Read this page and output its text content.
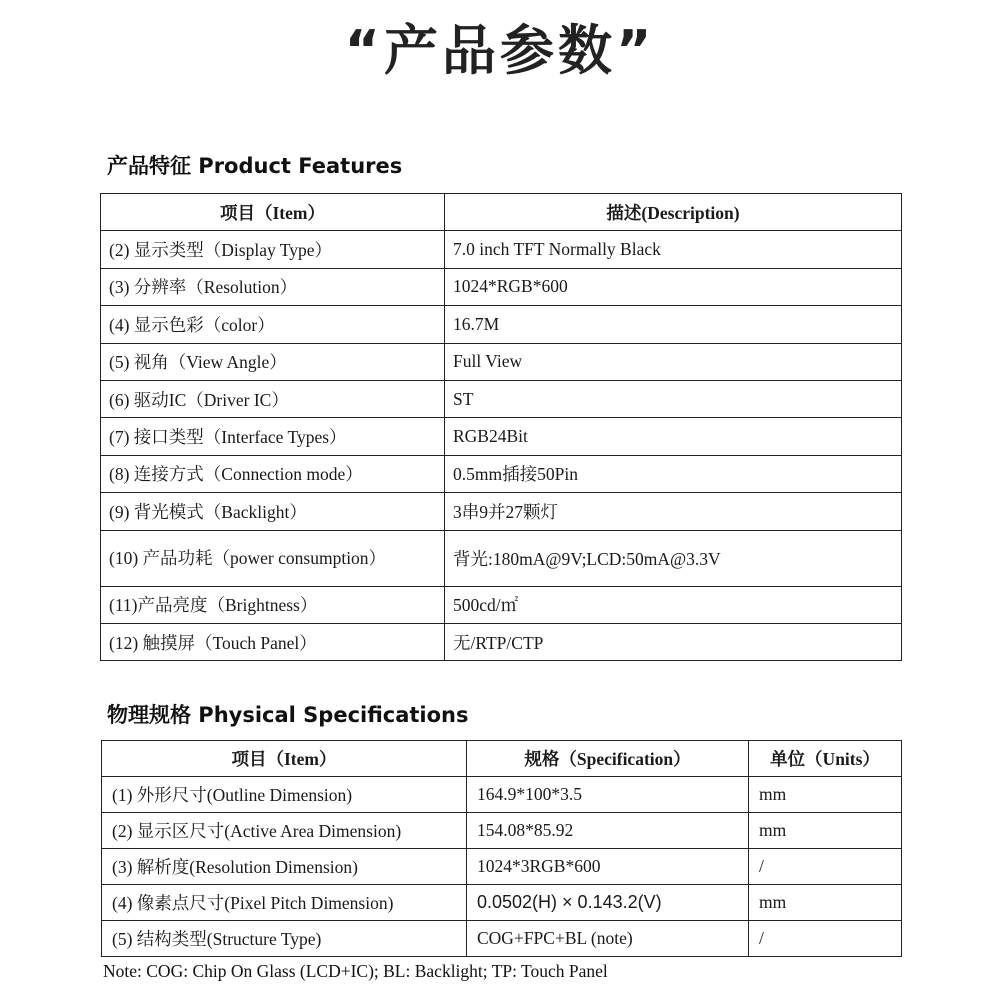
“产品参数”
产品特征 Product Features
项目（Item）	描述(Description)
(2) 显示类型（Display Type）	7.0 inch TFT Normally Black
(3) 分辨率（Resolution）	1024*RGB*600
(4) 显示色彩（color）	16.7M
(5) 视角（View Angle）	Full View
(6) 驱动IC（Driver IC）	ST
(7) 接口类型（Interface Types）	RGB24Bit
(8) 连接方式（Connection mode）	0.5mm插接50Pin
(9) 背光模式（Backlight）	3串9并27颗灯
(10) 产品功耗（power consumption）	背光:180mA@9V;LCD:50mA@3.3V
(11)产品亮度（Brightness）	500cd/㎡
(12) 触摸屏（Touch Panel）	无/RTP/CTP
物理规格 Physical Specifications
项目（Item）	规格（Specification）	单位（Units）
(1) 外形尺寸(Outline Dimension)	164.9*100*3.5	mm
(2) 显示区尺寸(Active Area Dimension)	154.08*85.92	mm
(3) 解析度(Resolution Dimension)	1024*3RGB*600	/
(4) 像素点尺寸(Pixel Pitch Dimension)	0.0502(H) × 0.143.2(V)	mm
(5) 结构类型(Structure Type)	COG+FPC+BL (note)	/
Note: COG: Chip On Glass (LCD+IC); BL: Backlight; TP: Touch Panel
